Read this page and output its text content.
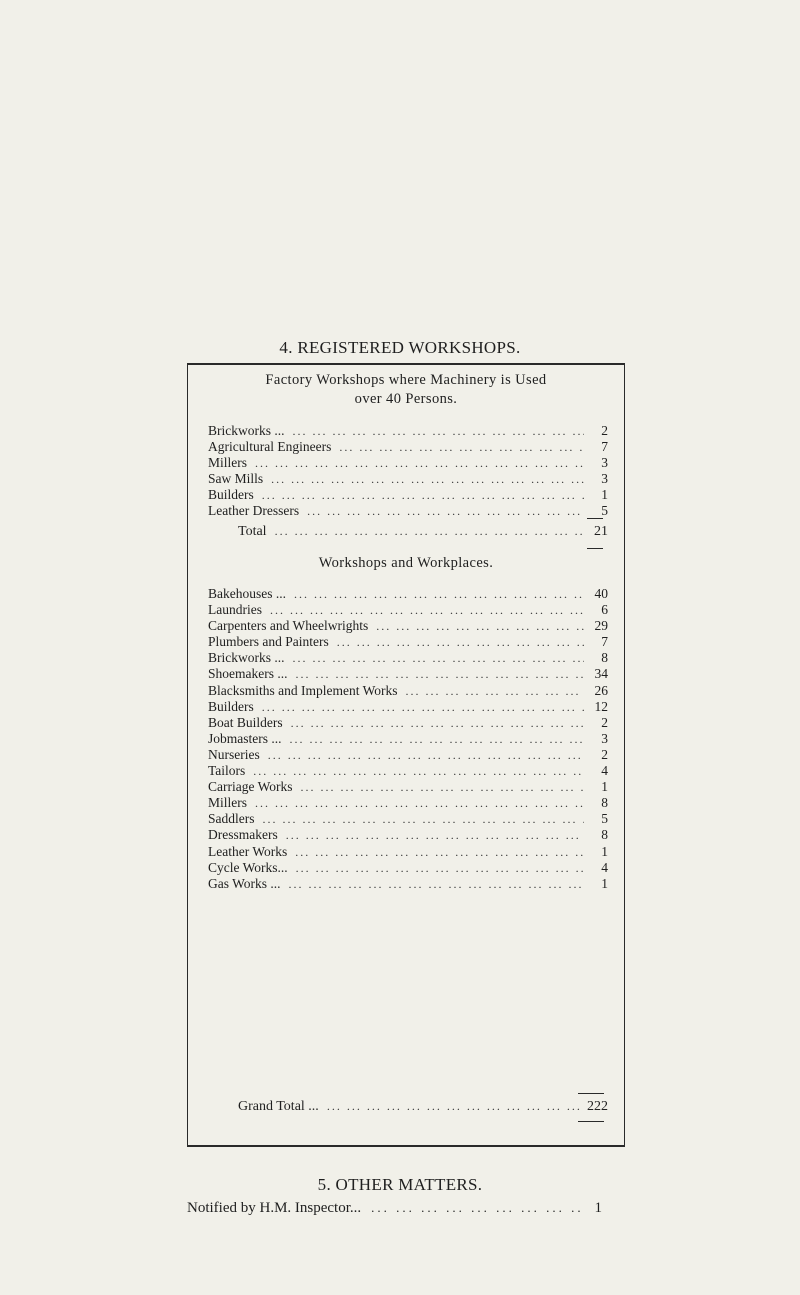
4. REGISTERED WORKSHOPS.
Factory Workshops where Machinery is Used
over 40 Persons.
Brickworks ... ... .	2
Agricultural Engineers ... .	7
Millers ... .	3
Saw Mills ... .	3
Builders ... .	1
Leather Dressers ... .	5
Total ... .	21
Workshops and Workplaces.
Bakehouses ... ... .	40
Laundries ... .	6
Carpenters and Wheelwrights ... .	29
Plumbers and Painters ... .	7
Brickworks ... ... .	8
Shoemakers ... ... .	34
Blacksmiths and Implement Works ... .	26
Builders ... .	12
Boat Builders ... .	2
Jobmasters ... ... .	3
Nurseries ... .	2
Tailors ... .	4
Carriage Works ... .	1
Millers ... .	8
Saddlers ... .	5
Dressmakers ... .	8
Leather Works ... .	1
Cycle Works... ... .	4
Gas Works ... ... .	1
Grand Total ... ... .	222
5. OTHER MATTERS.
Notified by H.M. Inspector... ... .	1
